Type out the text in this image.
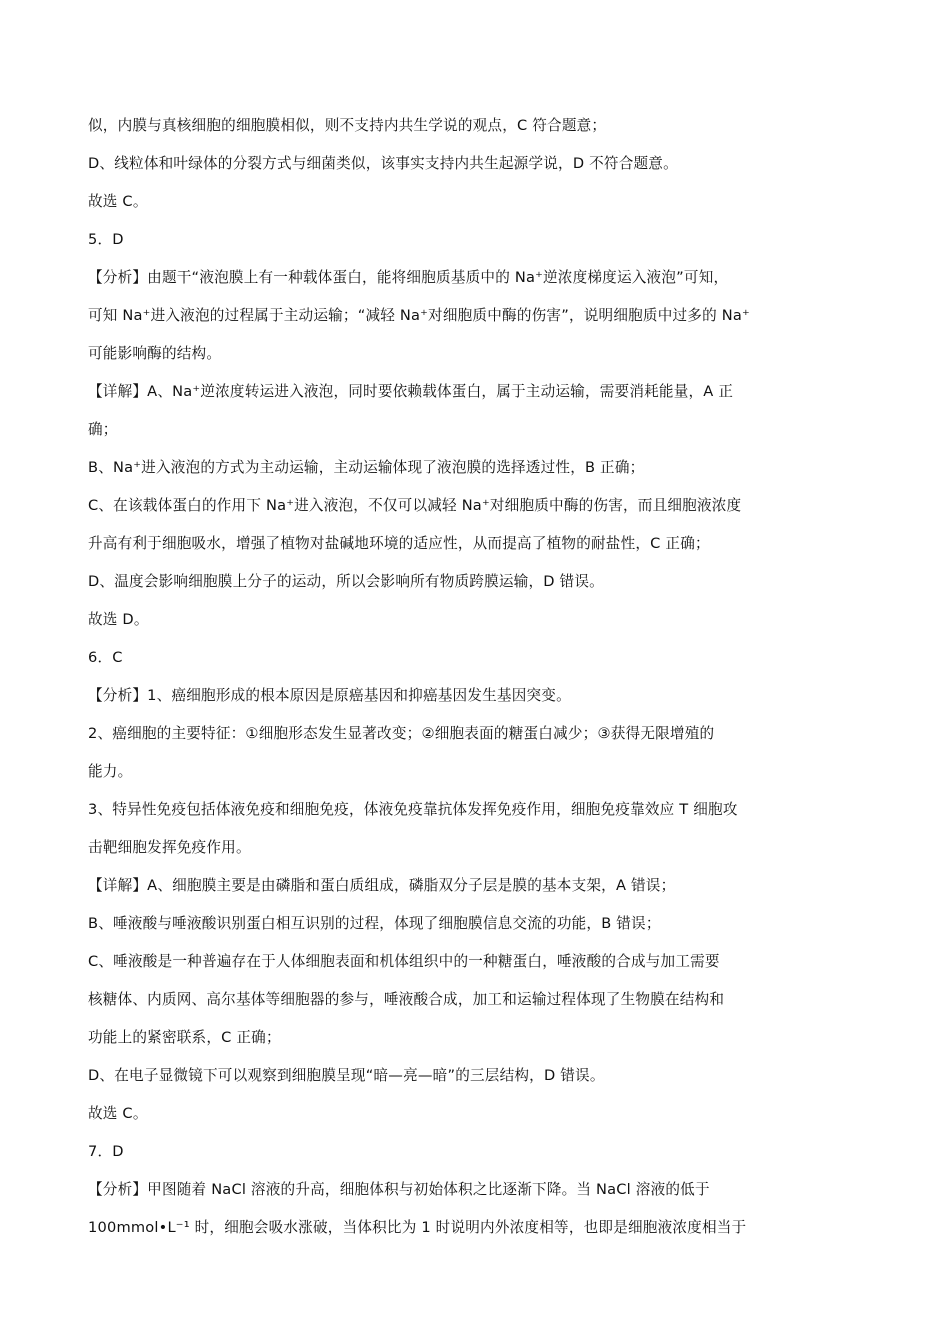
似，内膜与真核细胞的细胞膜相似，则不支持内共生学说的观点，C 符合题意；
D、线粒体和叶绿体的分裂方式与细菌类似，该事实支持内共生起源学说，D 不符合题意。
故选 C。
5．D
【分析】由题干“液泡膜上有一种载体蛋白，能将细胞质基质中的 Na⁺逆浓度梯度运入液泡”可知，
可知 Na⁺进入液泡的过程属于主动运输；“减轻 Na⁺对细胞质中酶的伤害”，说明细胞质中过多的 Na⁺
可能影响酶的结构。
【详解】A、Na⁺逆浓度转运进入液泡，同时要依赖载体蛋白，属于主动运输，需要消耗能量，A 正
确；
B、Na⁺进入液泡的方式为主动运输，主动运输体现了液泡膜的选择透过性，B 正确；
C、在该载体蛋白的作用下 Na⁺进入液泡，不仅可以减轻 Na⁺对细胞质中酶的伤害，而且细胞液浓度
升高有利于细胞吸水，增强了植物对盐碱地环境的适应性，从而提高了植物的耐盐性，C 正确；
D、温度会影响细胞膜上分子的运动，所以会影响所有物质跨膜运输，D 错误。
故选 D。
6．C
【分析】1、癌细胞形成的根本原因是原癌基因和抑癌基因发生基因突变。
2、癌细胞的主要特征：①细胞形态发生显著改变；②细胞表面的糖蛋白减少；③获得无限增殖的
能力。
3、特异性免疫包括体液免疫和细胞免疫，体液免疫靠抗体发挥免疫作用，细胞免疫靠效应 T 细胞攻
击靶细胞发挥免疫作用。
【详解】A、细胞膜主要是由磷脂和蛋白质组成，磷脂双分子层是膜的基本支架，A 错误；
B、唾液酸与唾液酸识别蛋白相互识别的过程，体现了细胞膜信息交流的功能，B 错误；
C、唾液酸是一种普遍存在于人体细胞表面和机体组织中的一种糖蛋白，唾液酸的合成与加工需要
核糖体、内质网、高尔基体等细胞器的参与，唾液酸合成，加工和运输过程体现了生物膜在结构和
功能上的紧密联系，C 正确；
D、在电子显微镜下可以观察到细胞膜呈现“暗—亮—暗”的三层结构，D 错误。
故选 C。
7．D
【分析】甲图随着 NaCl 溶液的升高，细胞体积与初始体积之比逐渐下降。当 NaCl 溶液的低于
100mmol•L⁻¹ 时，细胞会吸水涨破，当体积比为 1 时说明内外浓度相等，也即是细胞液浓度相当于
